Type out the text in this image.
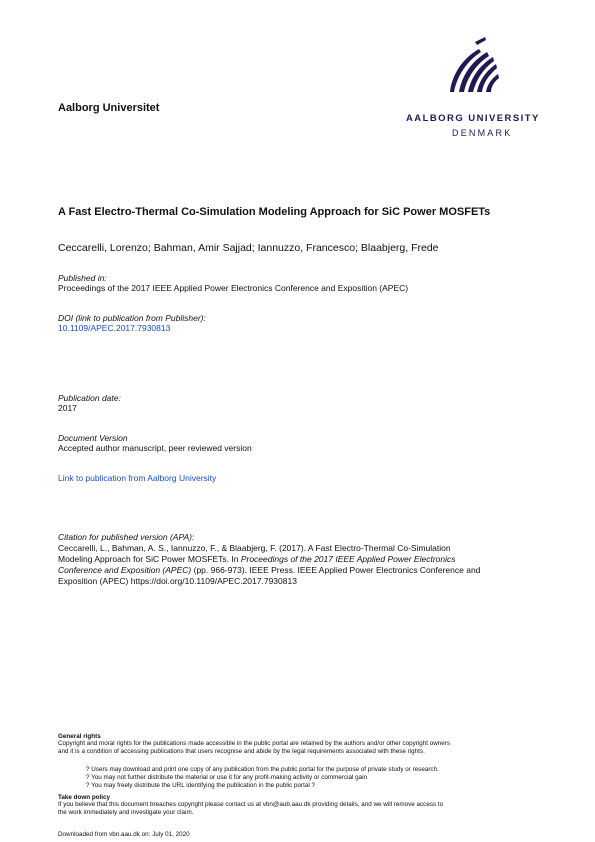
AALBORG UNIVERSITY
DENMARK
Aalborg Universitet
A Fast Electro-Thermal Co-Simulation Modeling Approach for SiC Power MOSFETs
Ceccarelli, Lorenzo; Bahman, Amir Sajjad; Iannuzzo, Francesco; Blaabjerg, Frede
Published in:
Proceedings of the 2017 IEEE Applied Power Electronics Conference and Exposition (APEC)
DOI (link to publication from Publisher):
10.1109/APEC.2017.7930813
Publication date:
2017
Document Version
Accepted author manuscript, peer reviewed version
Link to publication from Aalborg University
Citation for published version (APA):
Ceccarelli, L., Bahman, A. S., Iannuzzo, F., & Blaabjerg, F. (2017). A Fast Electro-Thermal Co-Simulation
Modeling Approach for SiC Power MOSFETs. In Proceedings of the 2017 IEEE Applied Power Electronics
Conference and Exposition (APEC) (pp. 966-973). IEEE Press. IEEE Applied Power Electronics Conference and
Exposition (APEC) https://doi.org/10.1109/APEC.2017.7930813
General rights
Copyright and moral rights for the publications made accessible in the public portal are retained by the authors and/or other copyright owners
and it is a condition of accessing publications that users recognise and abide by the legal requirements associated with these rights.
? Users may download and print one copy of any publication from the public portal for the purpose of private study or research.
? You may not further distribute the material or use it for any profit-making activity or commercial gain
? You may freely distribute the URL identifying the publication in the public portal ?
Take down policy
If you believe that this document breaches copyright please contact us at vbn@aub.aau.dk providing details, and we will remove access to
the work immediately and investigate your claim.
Downloaded from vbn.aau.dk on: July 01, 2020
